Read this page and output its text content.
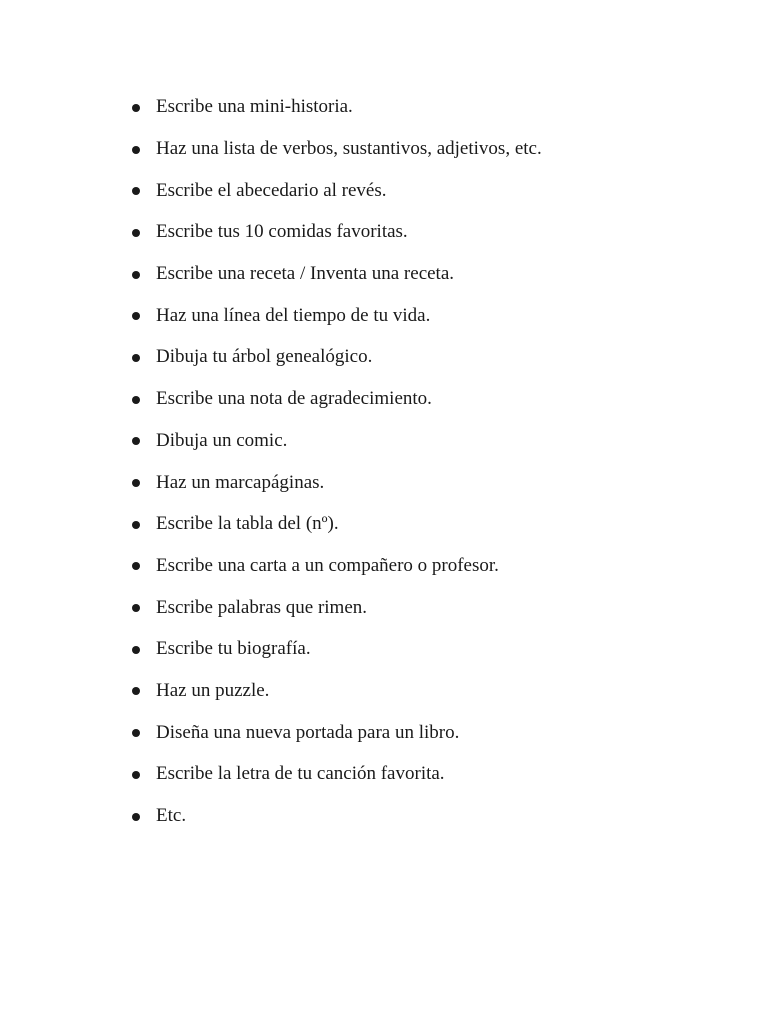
Escribe una mini-historia.
Haz una lista de verbos, sustantivos, adjetivos, etc.
Escribe el abecedario al revés.
Escribe tus 10 comidas favoritas.
Escribe una receta / Inventa una receta.
Haz una línea del tiempo de tu vida.
Dibuja tu árbol genealógico.
Escribe una nota de agradecimiento.
Dibuja un comic.
Haz un marcapáginas.
Escribe la tabla del (nº).
Escribe una carta a un compañero o profesor.
Escribe palabras que rimen.
Escribe tu biografía.
Haz un puzzle.
Diseña una nueva portada para un libro.
Escribe la letra de tu canción favorita.
Etc.
